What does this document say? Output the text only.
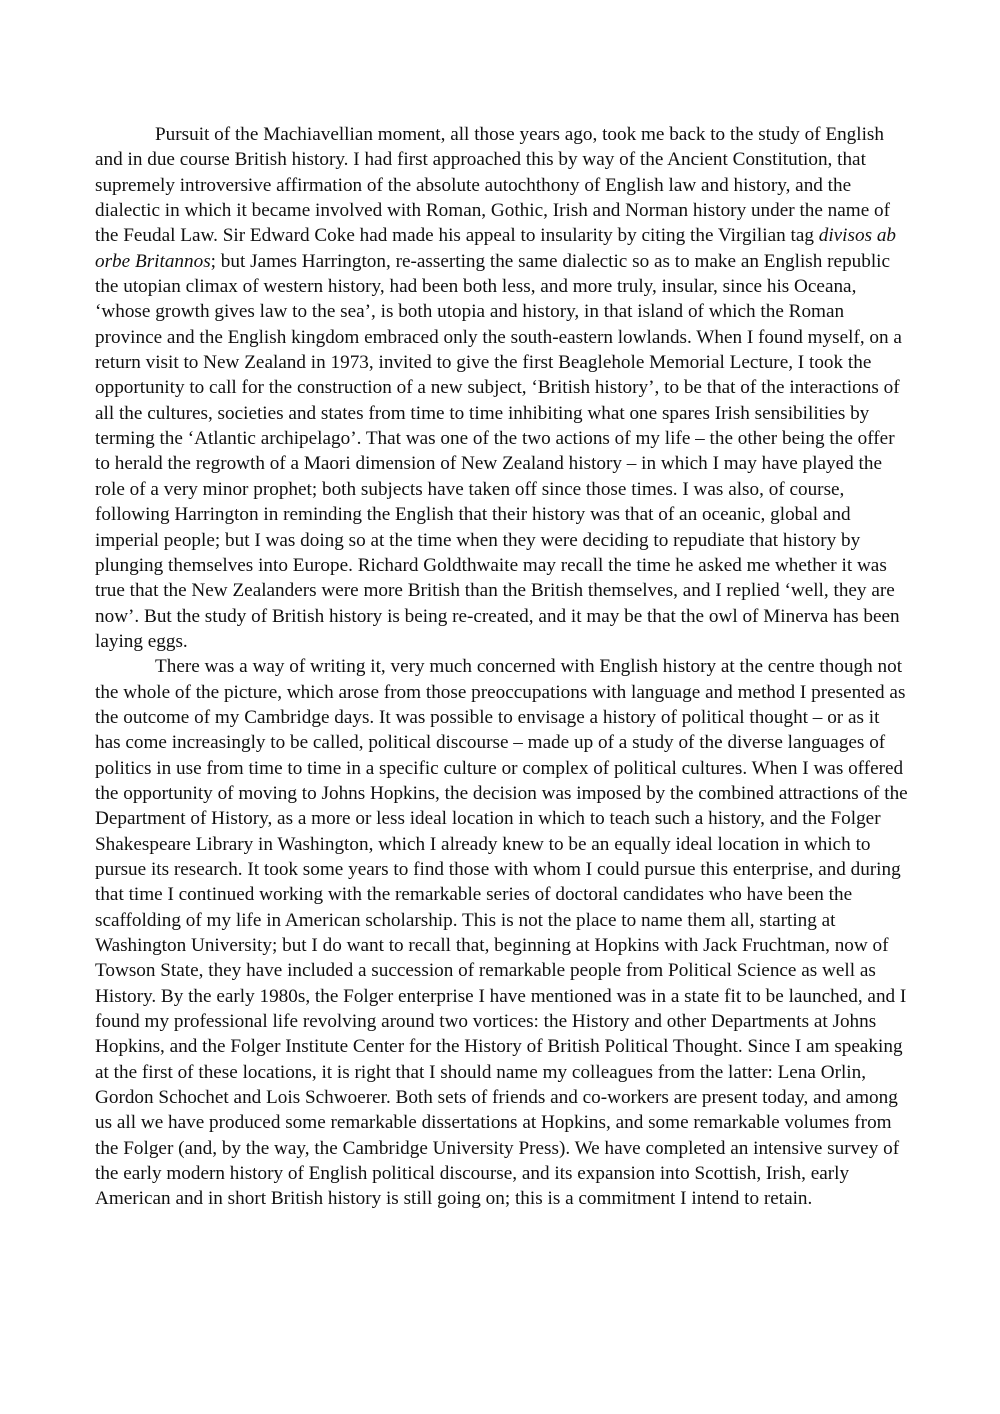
Pursuit of the Machiavellian moment, all those years ago, took me back to the study of English and in due course British history. I had first approached this by way of the Ancient Constitution, that supremely introversive affirmation of the absolute autochthony of English law and history, and the dialectic in which it became involved with Roman, Gothic, Irish and Norman history under the name of the Feudal Law. Sir Edward Coke had made his appeal to insularity by citing the Virgilian tag divisos ab orbe Britannos; but James Harrington, re-asserting the same dialectic so as to make an English republic the utopian climax of western history, had been both less, and more truly, insular, since his Oceana, ‘whose growth gives law to the sea’, is both utopia and history, in that island of which the Roman province and the English kingdom embraced only the south-eastern lowlands. When I found myself, on a return visit to New Zealand in 1973, invited to give the first Beaglehole Memorial Lecture, I took the opportunity to call for the construction of a new subject, ‘British history’, to be that of the interactions of all the cultures, societies and states from time to time inhibiting what one spares Irish sensibilities by terming the ‘Atlantic archipelago’. That was one of the two actions of my life – the other being the offer to herald the regrowth of a Maori dimension of New Zealand history – in which I may have played the role of a very minor prophet; both subjects have taken off since those times. I was also, of course, following Harrington in reminding the English that their history was that of an oceanic, global and imperial people; but I was doing so at the time when they were deciding to repudiate that history by plunging themselves into Europe. Richard Goldthwaite may recall the time he asked me whether it was true that the New Zealanders were more British than the British themselves, and I replied ‘well, they are now’. But the study of British history is being re-created, and it may be that the owl of Minerva has been laying eggs.

There was a way of writing it, very much concerned with English history at the centre though not the whole of the picture, which arose from those preoccupations with language and method I presented as the outcome of my Cambridge days. It was possible to envisage a history of political thought – or as it has come increasingly to be called, political discourse – made up of a study of the diverse languages of politics in use from time to time in a specific culture or complex of political cultures. When I was offered the opportunity of moving to Johns Hopkins, the decision was imposed by the combined attractions of the Department of History, as a more or less ideal location in which to teach such a history, and the Folger Shakespeare Library in Washington, which I already knew to be an equally ideal location in which to pursue its research. It took some years to find those with whom I could pursue this enterprise, and during that time I continued working with the remarkable series of doctoral candidates who have been the scaffolding of my life in American scholarship. This is not the place to name them all, starting at Washington University; but I do want to recall that, beginning at Hopkins with Jack Fruchtman, now of Towson State, they have included a succession of remarkable people from Political Science as well as History. By the early 1980s, the Folger enterprise I have mentioned was in a state fit to be launched, and I found my professional life revolving around two vortices: the History and other Departments at Johns Hopkins, and the Folger Institute Center for the History of British Political Thought. Since I am speaking at the first of these locations, it is right that I should name my colleagues from the latter: Lena Orlin, Gordon Schochet and Lois Schwoerer. Both sets of friends and co-workers are present today, and among us all we have produced some remarkable dissertations at Hopkins, and some remarkable volumes from the Folger (and, by the way, the Cambridge University Press). We have completed an intensive survey of the early modern history of English political discourse, and its expansion into Scottish, Irish, early American and in short British history is still going on; this is a commitment I intend to retain.
